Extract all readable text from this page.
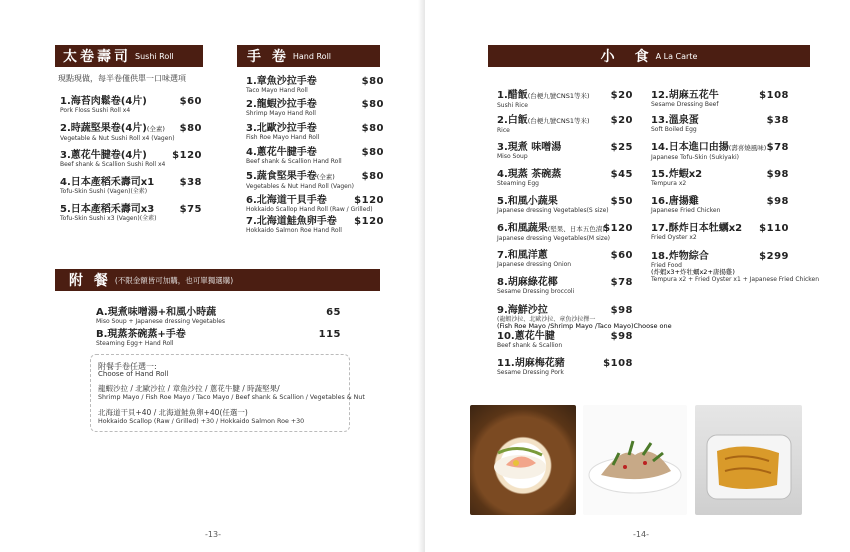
太卷壽司 Sushi Roll
現點現做，每半卷僅供單一口味選項
1.海苔肉鬆卷(4片)
Pork Floss Sushi Roll x4
$60
2.時蔬堅果卷(4片)(全素)
Vegetable & Nut Sushi Roll x4 (Vagen)
$80
3.蔥花牛腱卷(4片)
Beef shank & Scallion Sushi Roll x4
$120
4.日本產稻禾壽司x1
Tofu-Skin Sushi (Vagen)(全素)
$38
5.日本產稻禾壽司x3
Tofu-Skin Sushi x3 (Vagen)(全素)
$75
手 卷 Hand Roll
1.章魚沙拉手卷
Taco Mayo Hand Roll
$80
2.龍蝦沙拉手卷
Shrimp Mayo Hand Roll
$80
3.北歐沙拉手卷
Fish Roe Mayo Hand Roll
$80
4.蔥花牛腱手卷
Beef shank & Scallion Hand Roll
$80
5.蔬食堅果手卷(全素)
Vegetables & Nut Hand Roll (Vagen)
$80
6.北海道干貝手卷
Hokkaido Scallop Hand Roll (Raw / Grilled)
$120
7.北海道鮭魚卵手卷
Hokkaido Salmon Roe Hand Roll
$120
附 餐 (不限金額皆可加購，也可單獨選購)
A.現煮味噌湯+和風小時蔬
Miso Soup + Japanese dressing Vegetables
65
B.現蒸茶碗蒸+手卷
Steaming Egg+ Hand Roll
115
附餐手卷任選一:
Choose of Hand Roll
龍蝦沙拉 / 北歐沙拉 / 章魚沙拉 / 蔥花牛腱 / 時蔬堅果/
Shrimp Mayo / Fish Roe Mayo / Taco Mayo / Beef shank & Scallion / Vegetables & Nut
北海道干貝+40 / 北海道鮭魚卵+40(任選一)
Hokkaido Scallop (Raw / Grilled) +30 / Hokkaido Salmon Roe +30
-13-
小　食 A La Carte
1.醋飯(台梗九號CNS1等米)
Sushi Rice
$20
2.白飯(台梗九號CNS1等米)
Rice
$20
3.現煮 味噌湯
Miso Soup
$25
4.現蒸 茶碗蒸
Steaming Egg
$45
5.和風小蔬果
Japanese dressing Vegetables(S size)
$50
6.和風蔬果(堅果、日本五色漬)
Japanese dressing Vegetables(M size)
$120
7.和風洋蔥
Japanese dressing Onion
$60
8.胡麻綠花椰
Sesame Dressing broccoli
$78
9.海鮮沙拉
(龍蝦沙拉、北歐沙拉、章魚沙拉擇一
(Fish Roe Mayo /Shrimp Mayo /Taco Mayo)Choose one
$98
10.蔥花牛腱
Beef shank & Scallion
$98
11.胡麻梅花豬
Sesame Dressing Pork
$108
12.胡麻五花牛
Sesame Dressing Beef
$108
13.溫泉蛋
Soft Boiled Egg
$38
14.日本進口由揚(壽喜燒風味)
Japanese Tofu-Skin (Sukiyaki)
$78
15.炸蝦x2
Tempura x2
$98
16.唐揚雞
Japanese Fried Chicken
$98
17.酥炸日本牡蠣x2
Fried Oyster x2
$110
18.炸物綜合
Fried Food
(炸蝦x3+炸牡蠣x2+唐揚雞)
Tempura x2 + Fried Oyster x1 + Japanese Fried Chicken
$299
-14-
